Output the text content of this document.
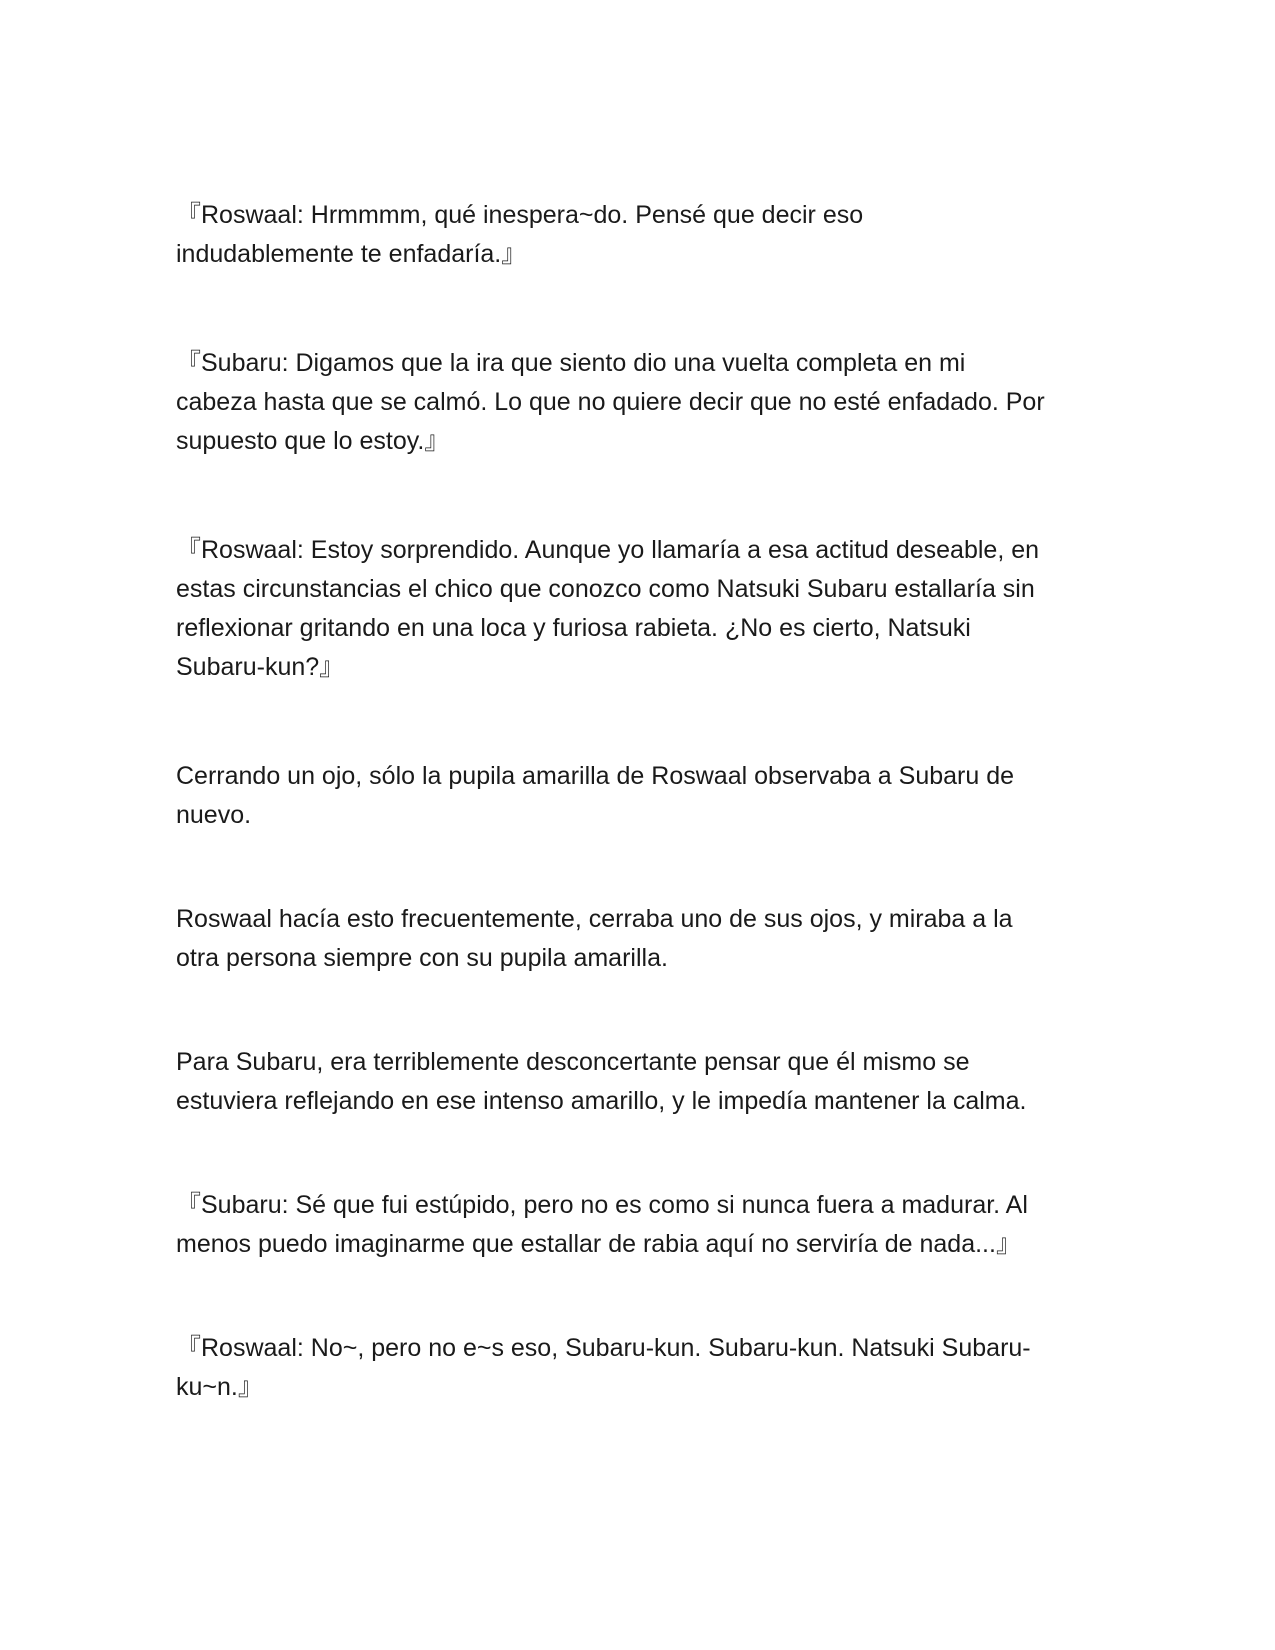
『Roswaal: Hrmmmm, qué inespera~do. Pensé que decir eso
indudablemente te enfadaría.』

『Subaru: Digamos que la ira que siento dio una vuelta completa en mi
cabeza hasta que se calmó. Lo que no quiere decir que no esté enfadado. Por
supuesto que lo estoy.』

『Roswaal: Estoy sorprendido. Aunque yo llamaría a esa actitud deseable, en
estas circunstancias el chico que conozco como Natsuki Subaru estallaría sin
reflexionar gritando en una loca y furiosa rabieta. ¿No es cierto, Natsuki
Subaru-kun?』

Cerrando un ojo, sólo la pupila amarilla de Roswaal observaba a Subaru de
nuevo.

Roswaal hacía esto frecuentemente, cerraba uno de sus ojos, y miraba a la
otra persona siempre con su pupila amarilla.

Para Subaru, era terriblemente desconcertante pensar que él mismo se
estuviera reflejando en ese intenso amarillo, y le impedía mantener la calma.

『Subaru: Sé que fui estúpido, pero no es como si nunca fuera a madurar. Al
menos puedo imaginarme que estallar de rabia aquí no serviría de nada...』

『Roswaal: No~, pero no e~s eso, Subaru-kun. Subaru-kun. Natsuki Subaru-
ku~n.』
